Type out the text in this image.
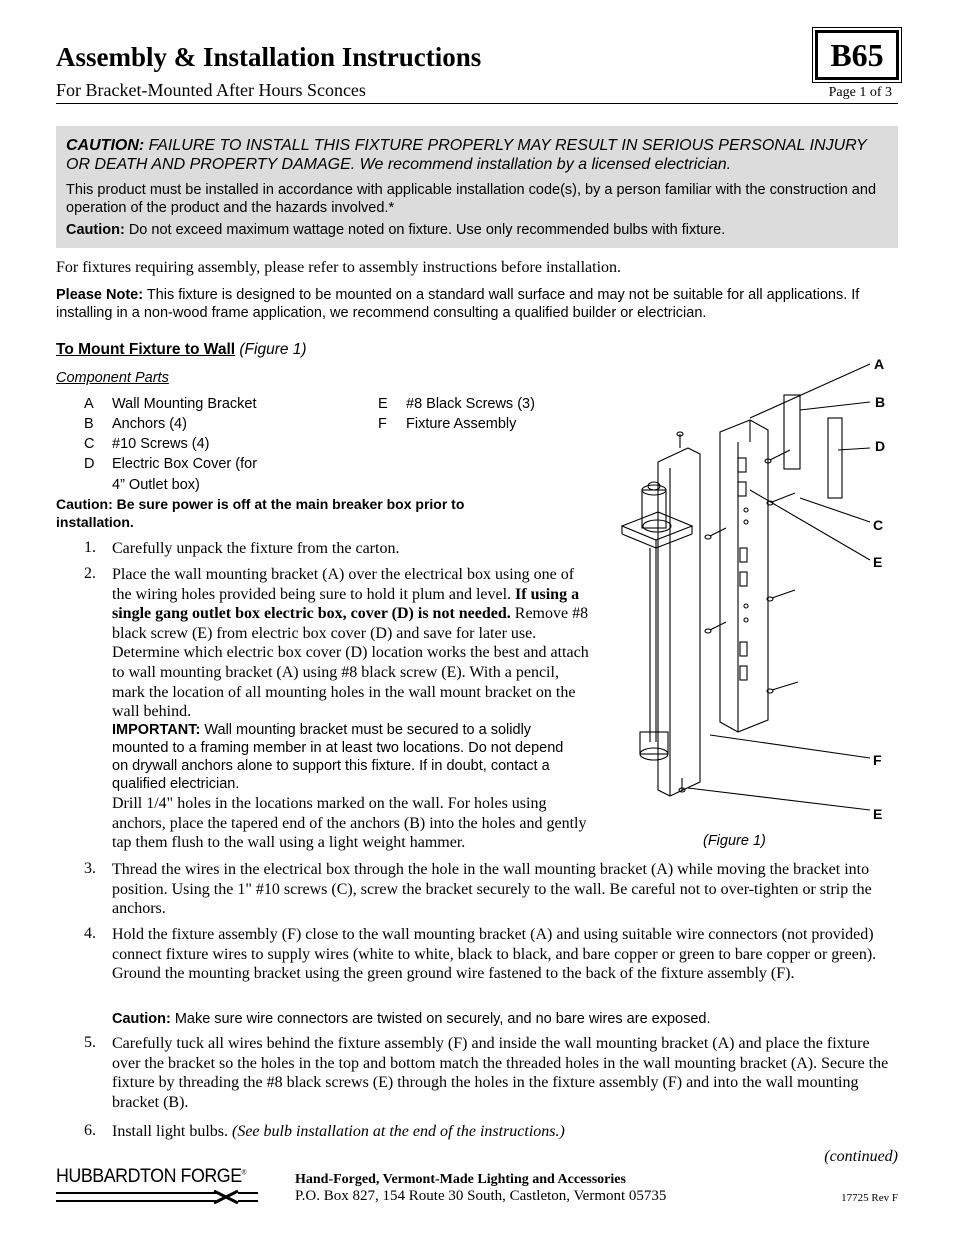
Assembly & Installation Instructions
For Bracket-Mounted After Hours Sconces
B65
Page 1 of 3
CAUTION: FAILURE TO INSTALL THIS FIXTURE PROPERLY MAY RESULT IN SERIOUS PERSONAL INJURY OR DEATH AND PROPERTY DAMAGE. We recommend installation by a licensed electrician.
This product must be installed in accordance with applicable installation code(s), by a person familiar with the construction and operation of the product and the hazards involved.*
Caution: Do not exceed maximum wattage noted on fixture. Use only recommended bulbs with fixture.
For fixtures requiring assembly, please refer to assembly instructions before installation.
Please Note: This fixture is designed to be mounted on a standard wall surface and may not be suitable for all applications. If installing in a non-wood frame application, we recommend consulting a qualified builder or electrician.
To Mount Fixture to Wall (Figure 1)
Component Parts
A Wall Mounting Bracket
B Anchors (4)
C #10 Screws (4)
D Electric Box Cover (for
4” Outlet box)
E #8 Black Screws (3)
F Fixture Assembly
Caution: Be sure power is off at the main breaker box prior to installation.
1. Carefully unpack the fixture from the carton.
2. Place the wall mounting bracket (A) over the electrical box using one of the wiring holes provided being sure to hold it plum and level. If using a single gang outlet box electric box, cover (D) is not needed. Remove #8 black screw (E) from electric box cover (D) and save for later use. Determine which electric box cover (D) location works the best and attach to wall mounting bracket (A) using #8 black screw (E). With a pencil, mark the location of all mounting holes in the wall mount bracket on the wall behind.
IMPORTANT: Wall mounting bracket must be secured to a solidly mounted to a framing member in at least two locations. Do not depend on drywall anchors alone to support this fixture. If in doubt, contact a qualified electrician.
Drill 1/4" holes in the locations marked on the wall. For holes using anchors, place the tapered end of the anchors (B) into the holes and gently tap them flush to the wall using a light weight hammer.
3. Thread the wires in the electrical box through the hole in the wall mounting bracket (A) while moving the bracket into position. Using the 1" #10 screws (C), screw the bracket securely to the wall. Be careful not to over-tighten or strip the anchors.
4. Hold the fixture assembly (F) close to the wall mounting bracket (A) and using suitable wire connectors (not provided) connect fixture wires to supply wires (white to white, black to black, and bare copper or green to bare copper or green). Ground the mounting bracket using the green ground wire fastened to the back of the fixture assembly (F).
Caution: Make sure wire connectors are twisted on securely, and no bare wires are exposed.
5. Carefully tuck all wires behind the fixture assembly (F) and inside the wall mounting bracket (A) and place the fixture over the bracket so the holes in the top and bottom match the threaded holes in the wall mounting bracket (A). Secure the fixture by threading the #8 black screws (E) through the holes in the fixture assembly (F) and into the wall mounting bracket (B).
6. Install light bulbs. (See bulb installation at the end of the instructions.)
(continued)
A
B
D
C
E
F
E
(Figure 1)
HUBBARDTON FORGE®	Hand-Forged, Vermont-Made Lighting and Accessories
P.O. Box 827, 154 Route 30 South, Castleton, Vermont 05735	17725 Rev F
